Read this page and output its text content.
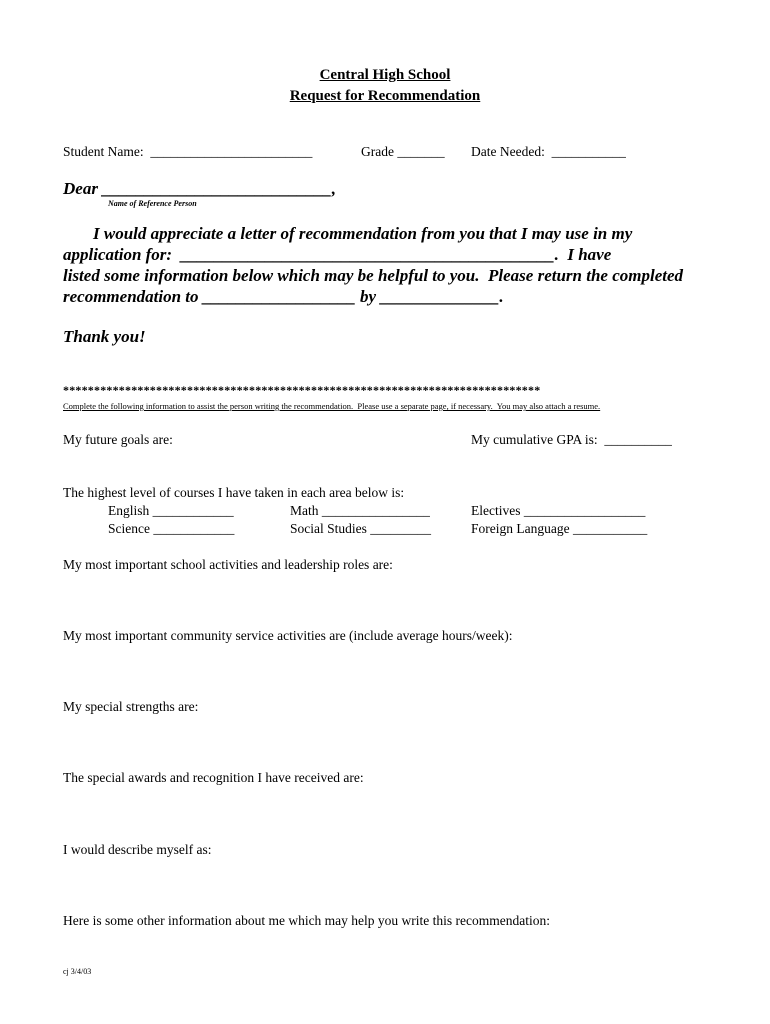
Central High School
Request for Recommendation
Student Name:  ________________________	Grade _______ Date Needed:  ___________
Dear ___________________________,
Name of Reference Person
I would appreciate a letter of recommendation from you that I may use in my
application for:  ____________________________________________.  I have
listed some information below which may be helpful to you.  Please return the completed
recommendation to __________________ by ______________.
Thank you!
*****************************************************************************
Complete the following information to assist the person writing the recommendation.  Please use a separate page, if necessary.  You may also attach a resume.
My future goals are:	My cumulative GPA is:  __________
The highest level of courses I have taken in each area below is:
English ____________	Math ________________	Electives __________________
Science ____________	Social Studies _________	Foreign Language ___________
My most important school activities and leadership roles are:
My most important community service activities are (include average hours/week):
My special strengths are:
The special awards and recognition I have received are:
I would describe myself as:
Here is some other information about me which may help you write this recommendation:
cj 3/4/03
